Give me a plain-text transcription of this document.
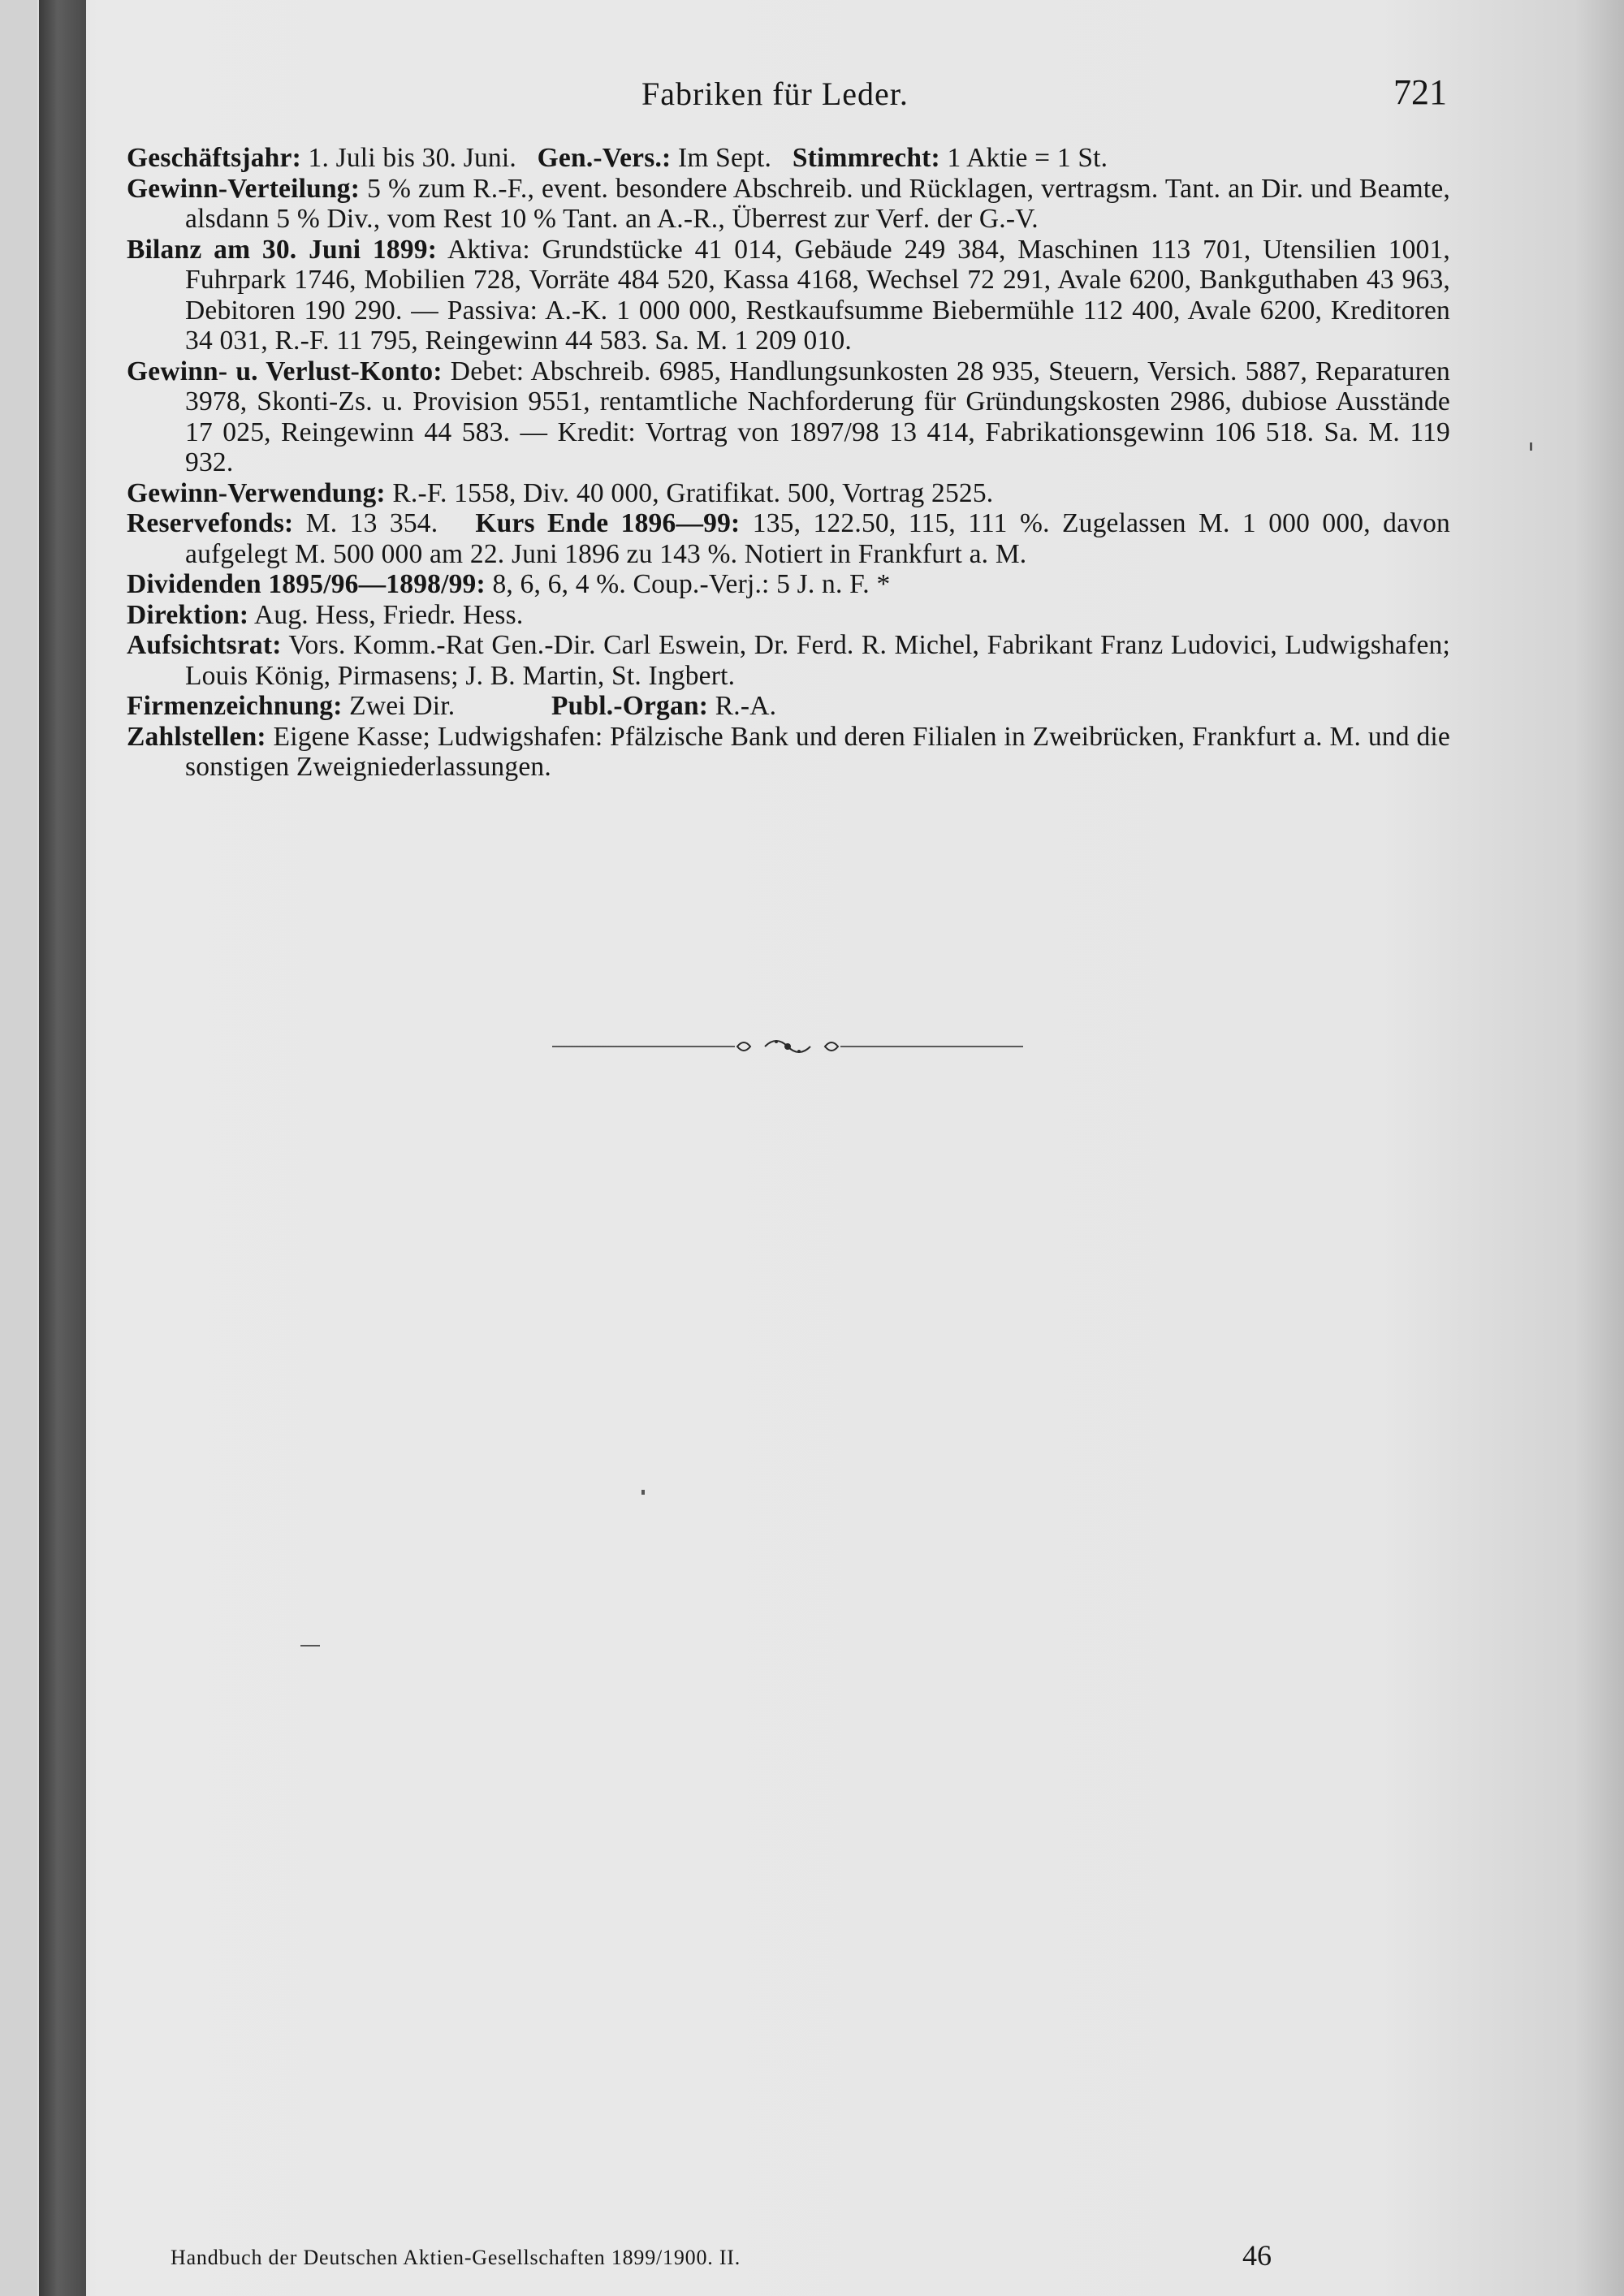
Fabriken für Leder.	721

Geschäftsjahr: 1. Juli bis 30. Juni. Gen.-Vers.: Im Sept. Stimmrecht: 1 Aktie = 1 St.

Gewinn-Verteilung: 5 % zum R.-F., event. besondere Abschreib. und Rücklagen, vertragsm. Tant. an Dir. und Beamte, alsdann 5 % Div., vom Rest 10 % Tant. an A.-R., Überrest zur Verf. der G.-V.

Bilanz am 30. Juni 1899: Aktiva: Grundstücke 41 014, Gebäude 249 384, Maschinen 113 701, Utensilien 1001, Fuhrpark 1746, Mobilien 728, Vorräte 484 520, Kassa 4168, Wechsel 72 291, Avale 6200, Bankguthaben 43 963, Debitoren 190 290. — Passiva: A.-K. 1 000 000, Restkaufsumme Biebermühle 112 400, Avale 6200, Kreditoren 34 031, R.-F. 11 795, Reingewinn 44 583. Sa. M. 1 209 010.

Gewinn- u. Verlust-Konto: Debet: Abschreib. 6985, Handlungsunkosten 28 935, Steuern, Versich. 5887, Reparaturen 3978, Skonti-Zs. u. Provision 9551, rentamtliche Nachforderung für Gründungskosten 2986, dubiose Ausstände 17 025, Reingewinn 44 583. — Kredit: Vortrag von 1897/98 13 414, Fabrikationsgewinn 106 518. Sa. M. 119 932.

Gewinn-Verwendung: R.-F. 1558, Div. 40 000, Gratifikat. 500, Vortrag 2525.

Reservefonds: M. 13 354. Kurs Ende 1896—99: 135, 122.50, 115, 111 %. Zugelassen M. 1 000 000, davon aufgelegt M. 500 000 am 22. Juni 1896 zu 143 %. Notiert in Frankfurt a. M.

Dividenden 1895/96—1898/99: 8, 6, 6, 4 %. Coup.-Verj.: 5 J. n. F. *

Direktion: Aug. Hess, Friedr. Hess.

Aufsichtsrat: Vors. Komm.-Rat Gen.-Dir. Carl Eswein, Dr. Ferd. R. Michel, Fabrikant Franz Ludovici, Ludwigshafen; Louis König, Pirmasens; J. B. Martin, St. Ingbert.

Firmenzeichnung: Zwei Dir.	Publ.-Organ: R.-A.

Zahlstellen: Eigene Kasse; Ludwigshafen: Pfälzische Bank und deren Filialen in Zweibrücken, Frankfurt a. M. und die sonstigen Zweigniederlassungen.

Handbuch der Deutschen Aktien-Gesellschaften 1899/1900. II.	46
